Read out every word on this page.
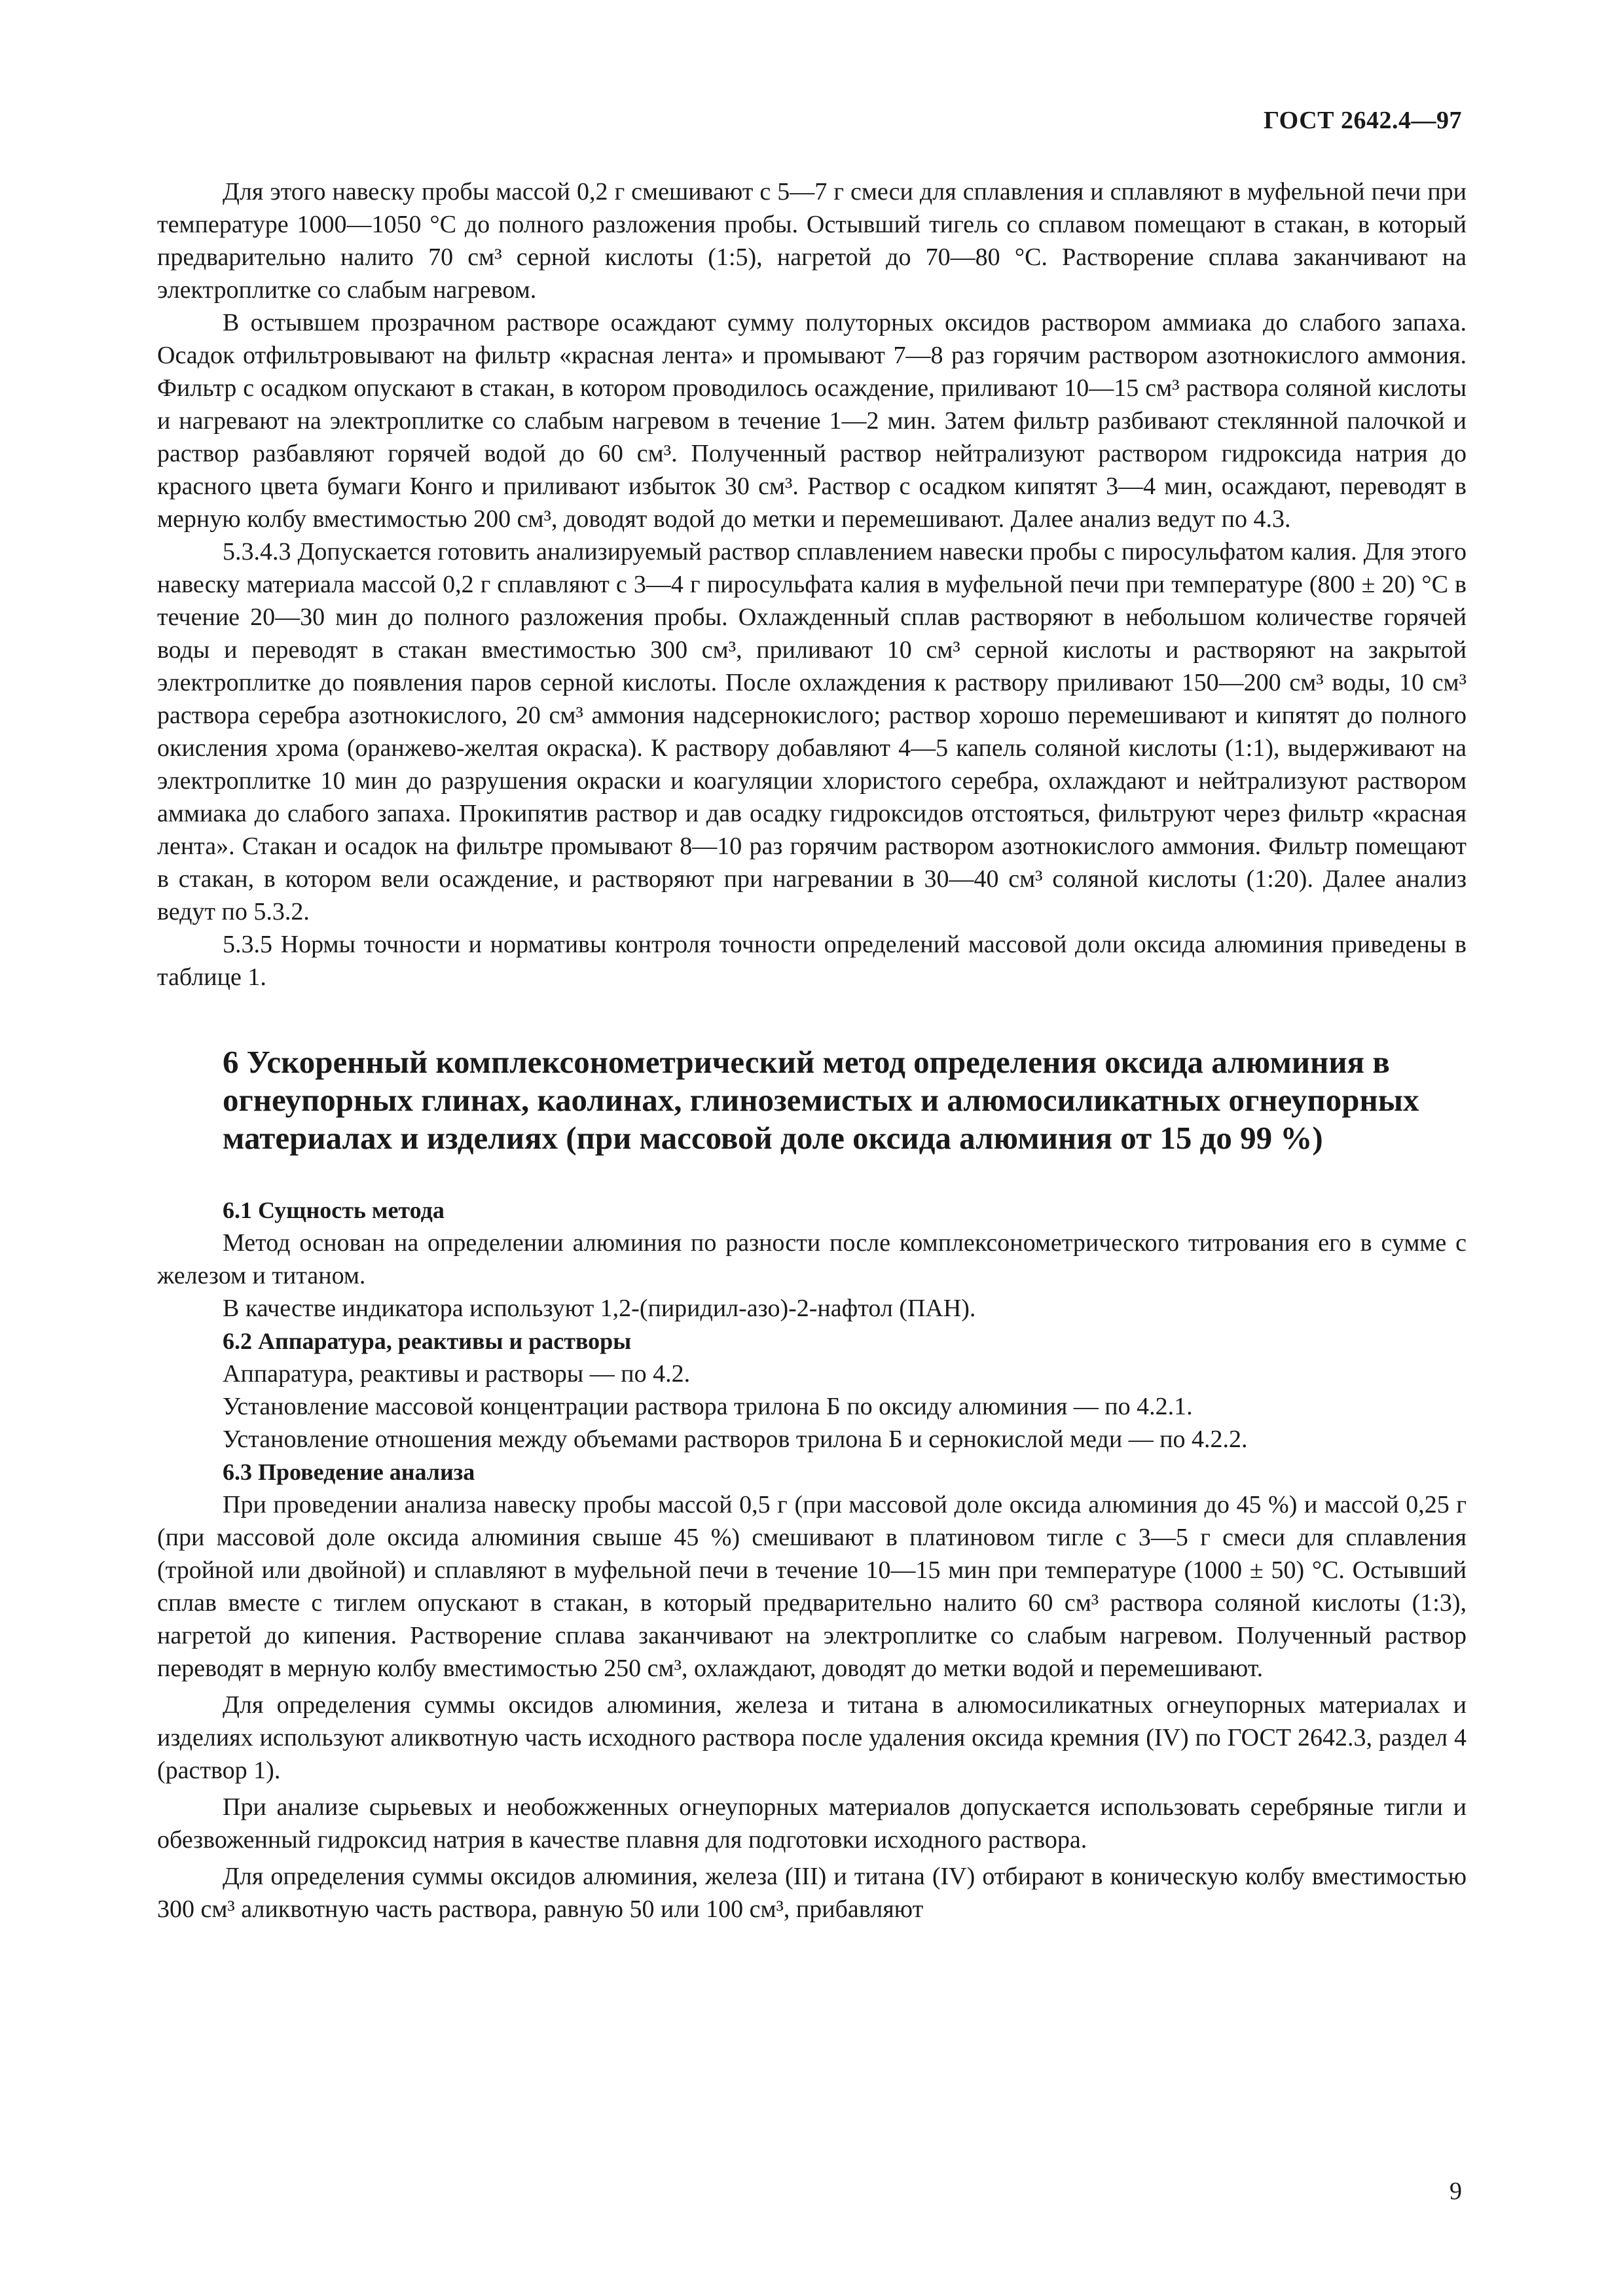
ГОСТ 2642.4—97

Для этого навеску пробы массой 0,2 г смешивают с 5—7 г смеси для сплавления и сплавляют в муфельной печи при температуре 1000—1050 °С до полного разложения пробы. Остывший тигель со сплавом помещают в стакан, в который предварительно налито 70 см³ серной кислоты (1:5), нагретой до 70—80 °С. Растворение сплава заканчивают на электроплитке со слабым нагревом.

В остывшем прозрачном растворе осаждают сумму полуторных оксидов раствором аммиака до слабого запаха. Осадок отфильтровывают на фильтр «красная лента» и промывают 7—8 раз горячим раствором азотнокислого аммония. Фильтр с осадком опускают в стакан, в котором проводилось осаждение, приливают 10—15 см³ раствора соляной кислоты и нагревают на электроплитке со слабым нагревом в течение 1—2 мин. Затем фильтр разбивают стеклянной палочкой и раствор разбавляют горячей водой до 60 см³. Полученный раствор нейтрализуют раствором гидроксида натрия до красного цвета бумаги Конго и приливают избыток 30 см³. Раствор с осадком кипятят 3—4 мин, осаждают, переводят в мерную колбу вместимостью 200 см³, доводят водой до метки и перемешивают. Далее анализ ведут по 4.3.

5.3.4.3 Допускается готовить анализируемый раствор сплавлением навески пробы с пиросульфатом калия. Для этого навеску материала массой 0,2 г сплавляют с 3—4 г пиросульфата калия в муфельной печи при температуре (800 ± 20) °С в течение 20—30 мин до полного разложения пробы. Охлажденный сплав растворяют в небольшом количестве горячей воды и переводят в стакан вместимостью 300 см³, приливают 10 см³ серной кислоты и растворяют на закрытой электроплитке до появления паров серной кислоты. После охлаждения к раствору приливают 150—200 см³ воды, 10 см³ раствора серебра азотнокислого, 20 см³ аммония надсернокислого; раствор хорошо перемешивают и кипятят до полного окисления хрома (оранжево-желтая окраска). К раствору добавляют 4—5 капель соляной кислоты (1:1), выдерживают на электроплитке 10 мин до разрушения окраски и коагуляции хлористого серебра, охлаждают и нейтрализуют раствором аммиака до слабого запаха. Прокипятив раствор и дав осадку гидроксидов отстояться, фильтруют через фильтр «красная лента». Стакан и осадок на фильтре промывают 8—10 раз горячим раствором азотнокислого аммония. Фильтр помещают в стакан, в котором вели осаждение, и растворяют при нагревании в 30—40 см³ соляной кислоты (1:20). Далее анализ ведут по 5.3.2.

5.3.5 Нормы точности и нормативы контроля точности определений массовой доли оксида алюминия приведены в таблице 1.

6 Ускоренный комплексонометрический метод определения оксида алюминия в огнеупорных глинах, каолинах, глиноземистых и алюмосиликатных огнеупорных материалах и изделиях (при массовой доле оксида алюминия от 15 до 99 %)
6.1 Сущность метода

Метод основан на определении алюминия по разности после комплексонометрического титрования его в сумме с железом и титаном.

В качестве индикатора используют 1,2-(пиридил-азо)-2-нафтол (ПАН).

6.2 Аппаратура, реактивы и растворы

Аппаратура, реактивы и растворы — по 4.2.

Установление массовой концентрации раствора трилона Б по оксиду алюминия — по 4.2.1.

Установление отношения между объемами растворов трилона Б и сернокислой меди — по 4.2.2.

6.3 Проведение анализа

При проведении анализа навеску пробы массой 0,5 г (при массовой доле оксида алюминия до 45 %) и массой 0,25 г (при массовой доле оксида алюминия свыше 45 %) смешивают в платиновом тигле с 3—5 г смеси для сплавления (тройной или двойной) и сплавляют в муфельной печи в течение 10—15 мин при температуре (1000 ± 50) °С. Остывший сплав вместе с тиглем опускают в стакан, в который предварительно налито 60 см³ раствора соляной кислоты (1:3), нагретой до кипения. Растворение сплава заканчивают на электроплитке со слабым нагревом. Полученный раствор переводят в мерную колбу вместимостью 250 см³, охлаждают, доводят до метки водой и перемешивают.

Для определения суммы оксидов алюминия, железа и титана в алюмосиликатных огнеупорных материалах и изделиях используют аликвотную часть исходного раствора после удаления оксида кремния (IV) по ГОСТ 2642.3, раздел 4 (раствор 1).

При анализе сырьевых и необожженных огнеупорных материалов допускается использовать серебряные тигли и обезвоженный гидроксид натрия в качестве плавня для подготовки исходного раствора.

Для определения суммы оксидов алюминия, железа (III) и титана (IV) отбирают в коническую колбу вместимостью 300 см³ аликвотную часть раствора, равную 50 или 100 см³, прибавляют

9
